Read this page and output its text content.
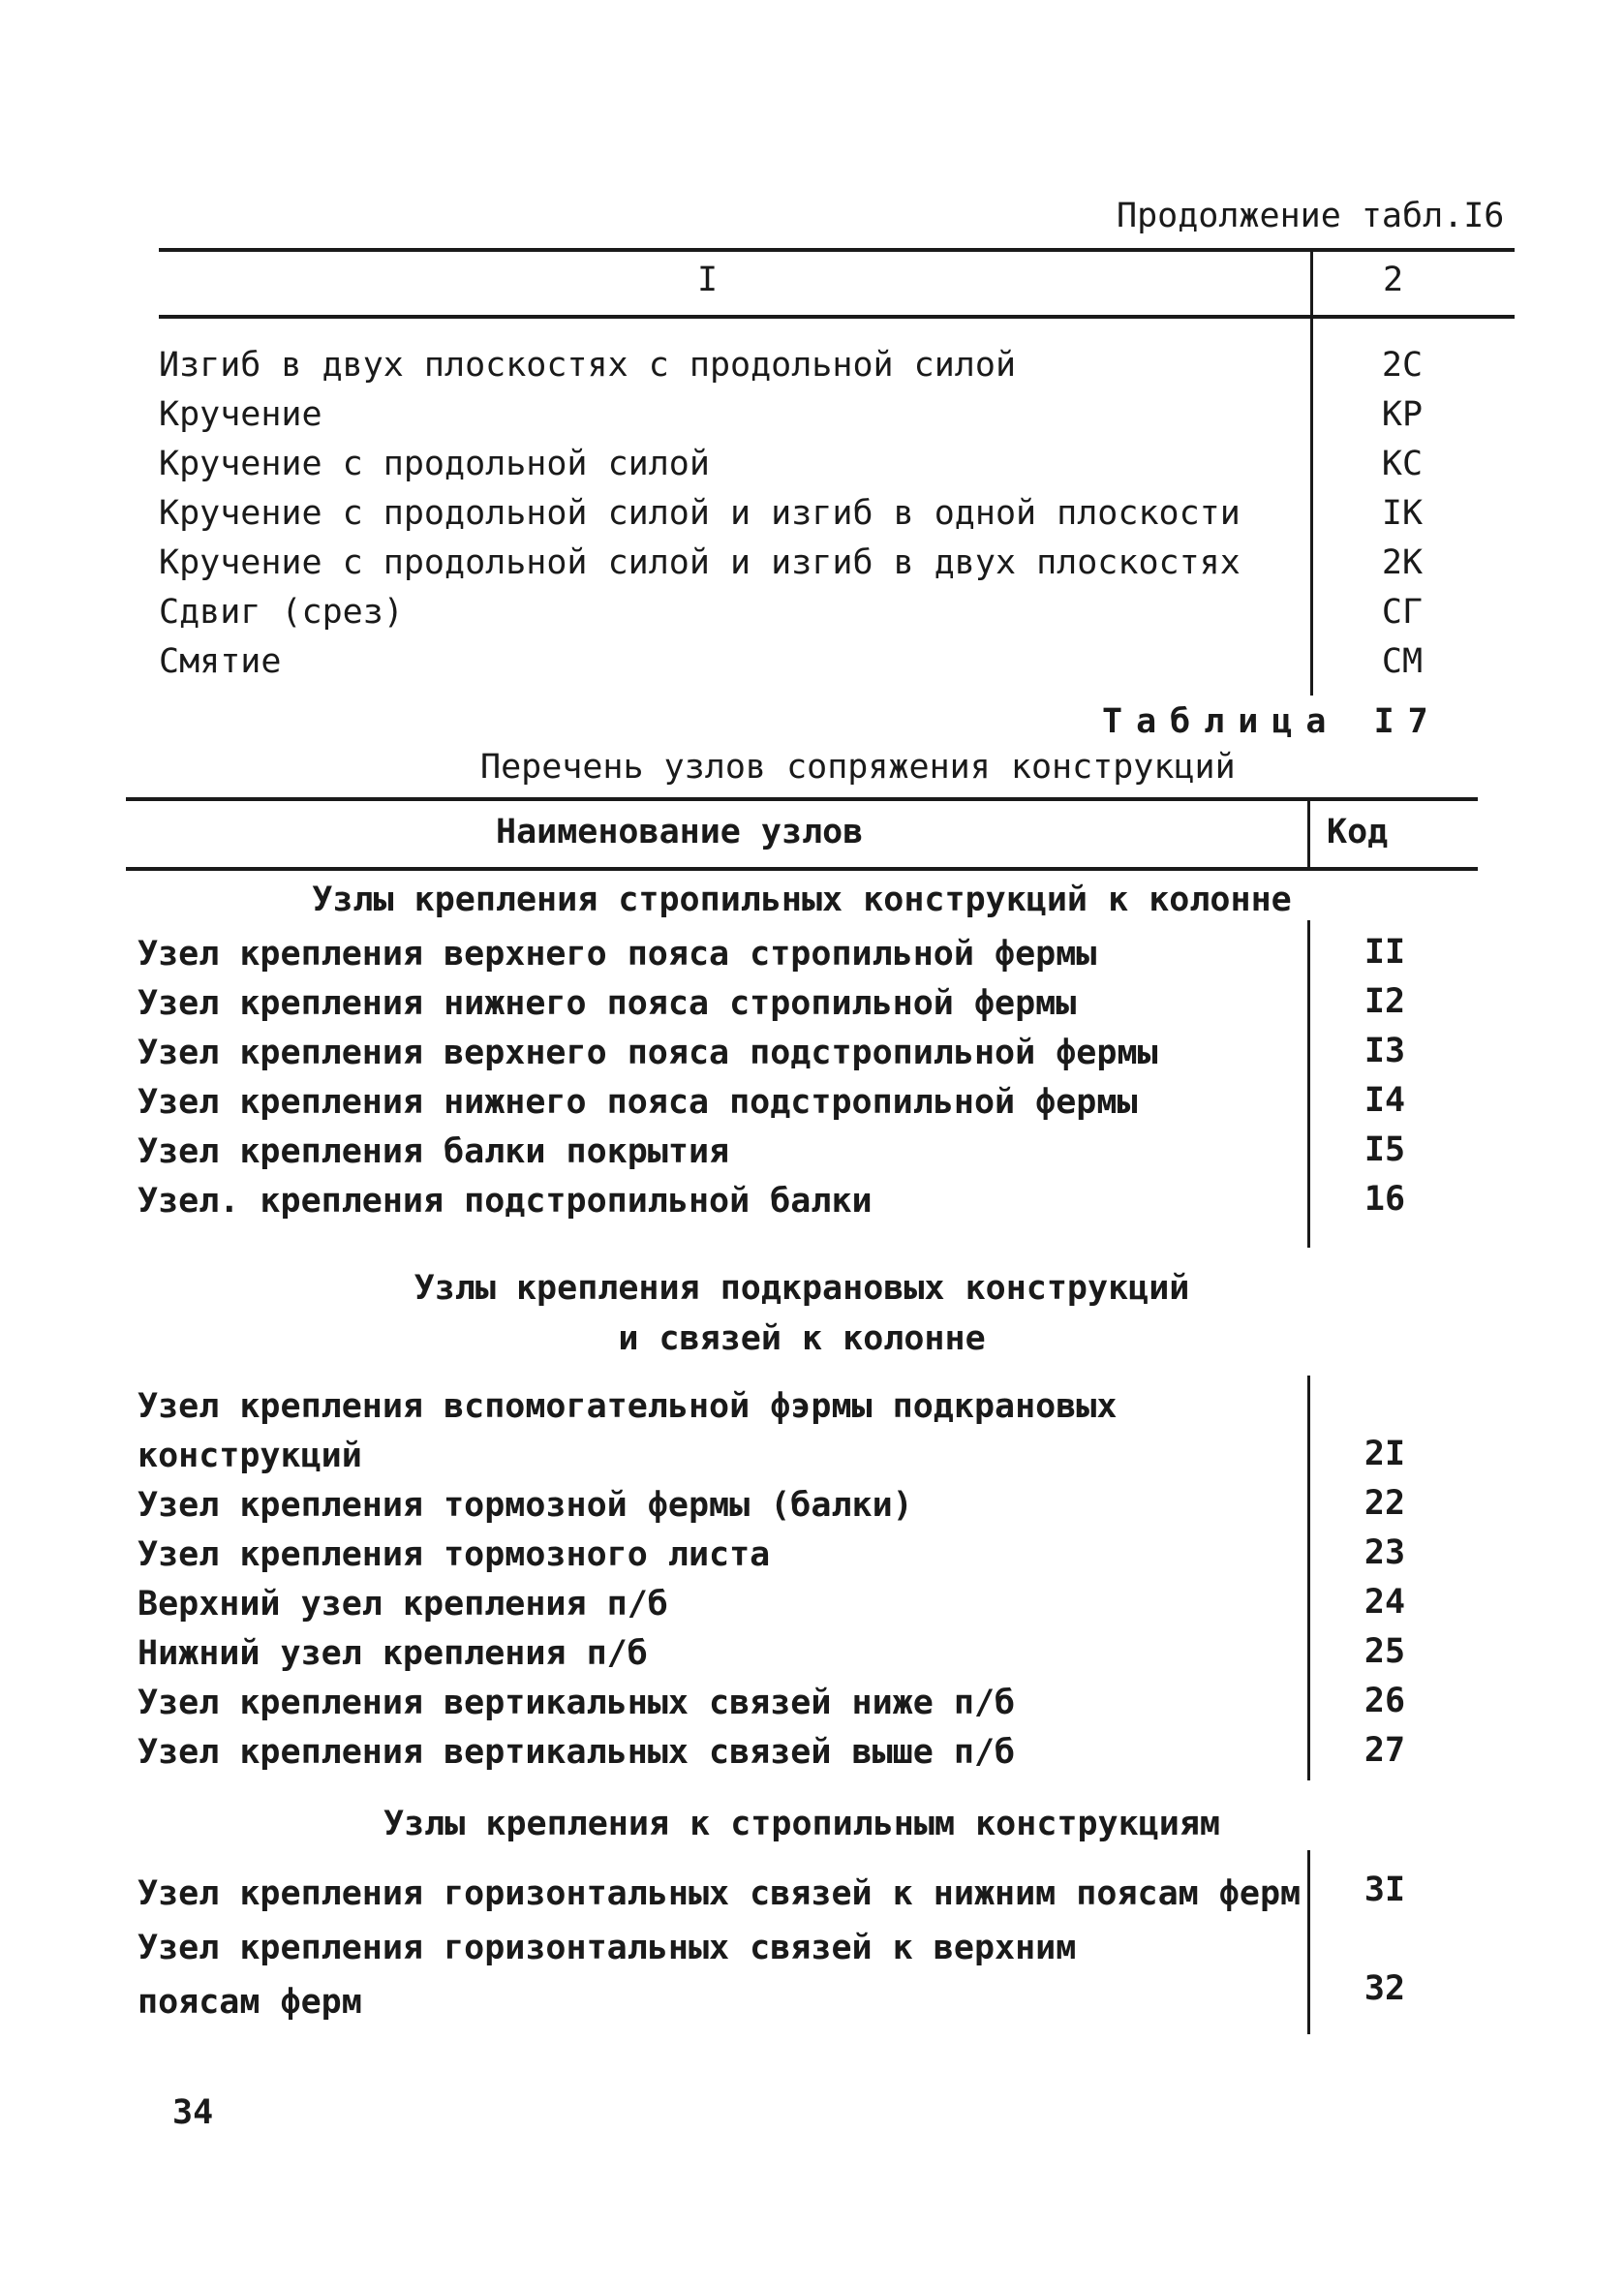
Продолжение табл.I6
I	2
Изгиб в двух плоскостях с продольной силой	2С
Кручение	КР
Кручение с продольной силой	КС
Кручение с продольной силой и изгиб в одной плоскости	IК
Кручение с продольной силой и изгиб в двух плоскостях	2К
Сдвиг (срез)	СГ
Смятие	СМ
Таблица I7
Перечень узлов сопряжения конструкций
Наименование узлов	Код
Узлы крепления стропильных конструкций к колонне
Узел крепления верхнего пояса стропильной фермы	II
Узел крепления нижнего пояса стропильной фермы	I2
Узел крепления верхнего пояса подстропильной фермы	I3
Узел крепления нижнего пояса подстропильной фермы	I4
Узел крепления балки покрытия	I5
Узел. крепления подстропильной балки	16
Узлы крепления подкрановых конструкций
и связей к колонне
Узел крепления вспомогательной фэрмы подкрановых
конструкций	2I
Узел крепления тормозной фермы (балки)	22
Узел крепления тормозного листа	23
Верхний узел крепления п/б	24
Нижний узел крепления п/б	25
Узел крепления вертикальных связей ниже п/б	26
Узел крепления вертикальных связей выше п/б	27
Узлы крепления к стропильным конструкциям
Узел крепления горизонтальных связей к нижним поясам ферм	3I
Узел крепления горизонтальных связей к верхним
поясам ферм	32
34
